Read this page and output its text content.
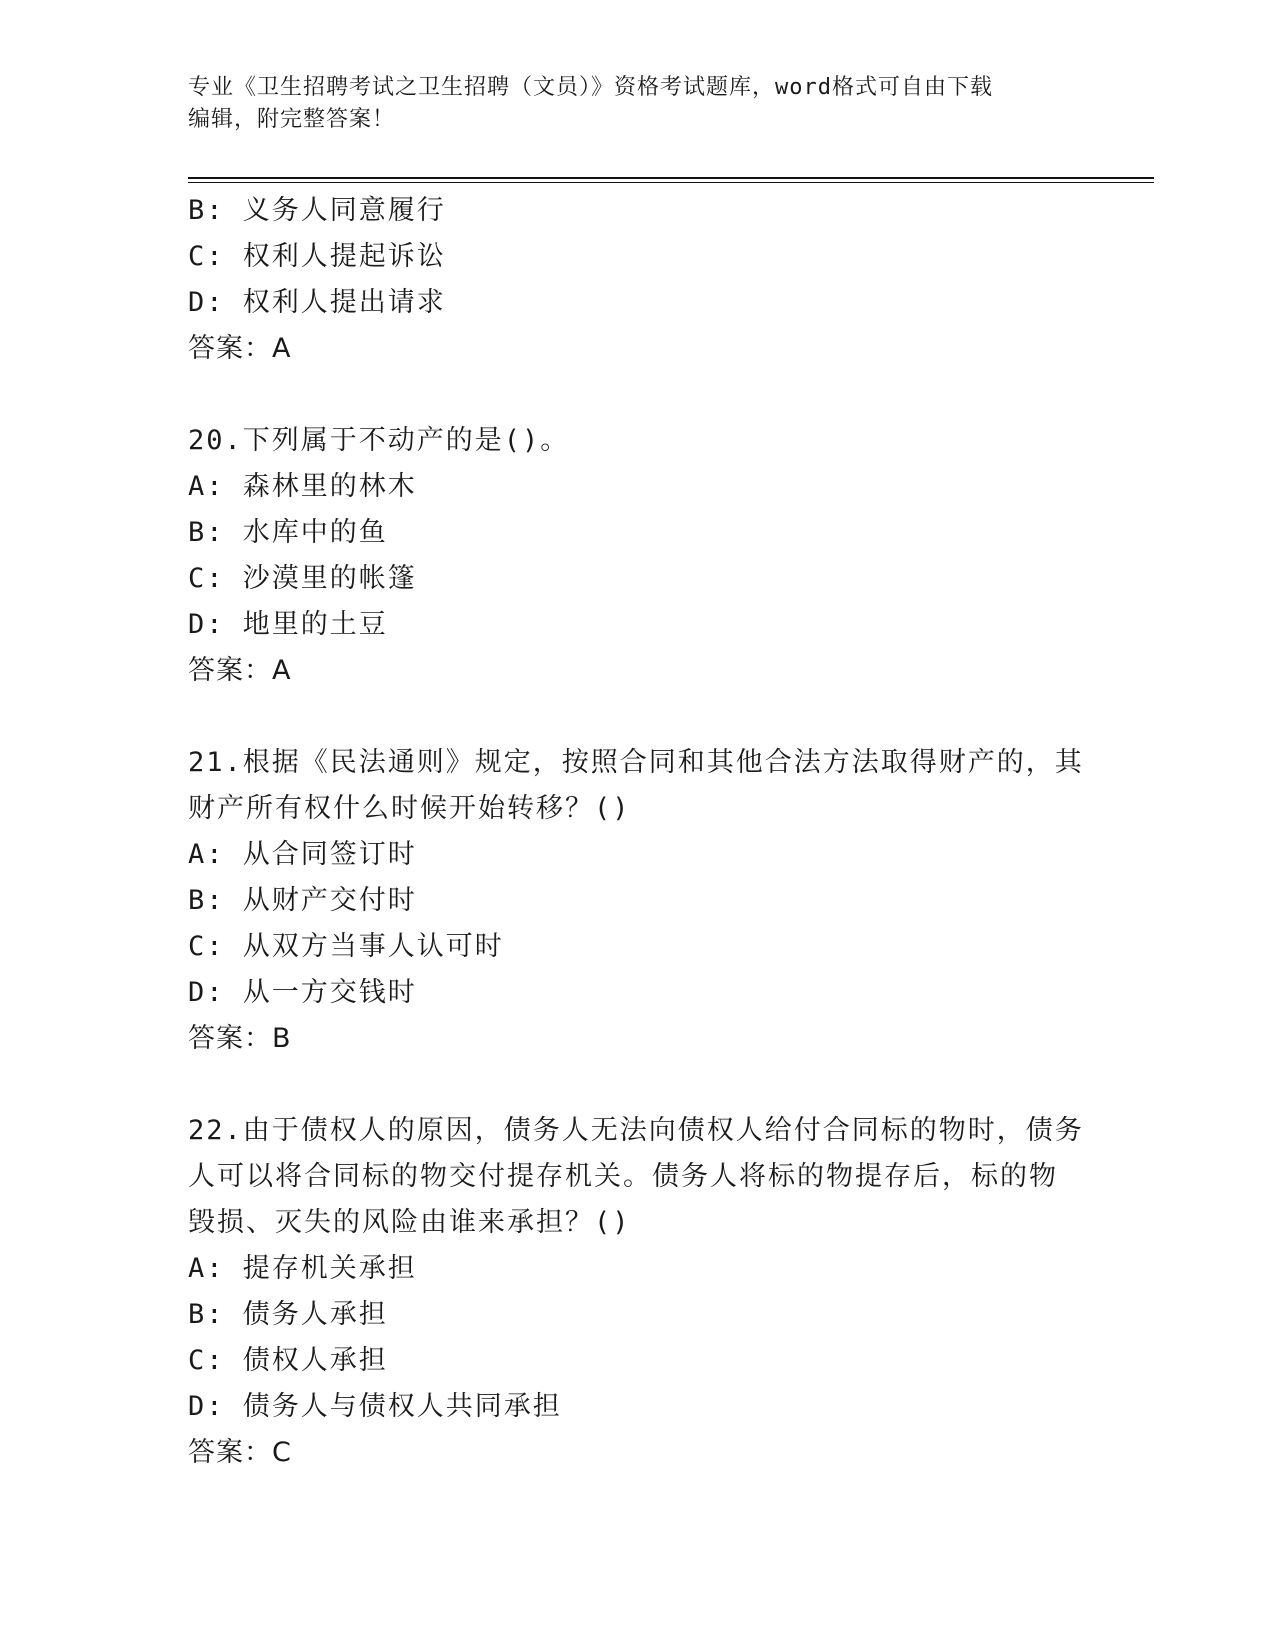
专业《卫生招聘考试之卫生招聘（文员）》资格考试题库，word格式可自由下载
编辑，附完整答案！
B: 义务人同意履行
C: 权利人提起诉讼
D: 权利人提出请求
答案：A
20.下列属于不动产的是()。
A: 森林里的林木
B: 水库中的鱼
C: 沙漠里的帐篷
D: 地里的土豆
答案：A
21.根据《民法通则》规定，按照合同和其他合法方法取得财产的，其
财产所有权什么时候开始转移？()
A: 从合同签订时
B: 从财产交付时
C: 从双方当事人认可时
D: 从一方交钱时
答案：B
22.由于债权人的原因，债务人无法向债权人给付合同标的物时，债务
人可以将合同标的物交付提存机关。债务人将标的物提存后，标的物
毁损、灭失的风险由谁来承担？()
A: 提存机关承担
B: 债务人承担
C: 债权人承担
D: 债务人与债权人共同承担
答案：C
